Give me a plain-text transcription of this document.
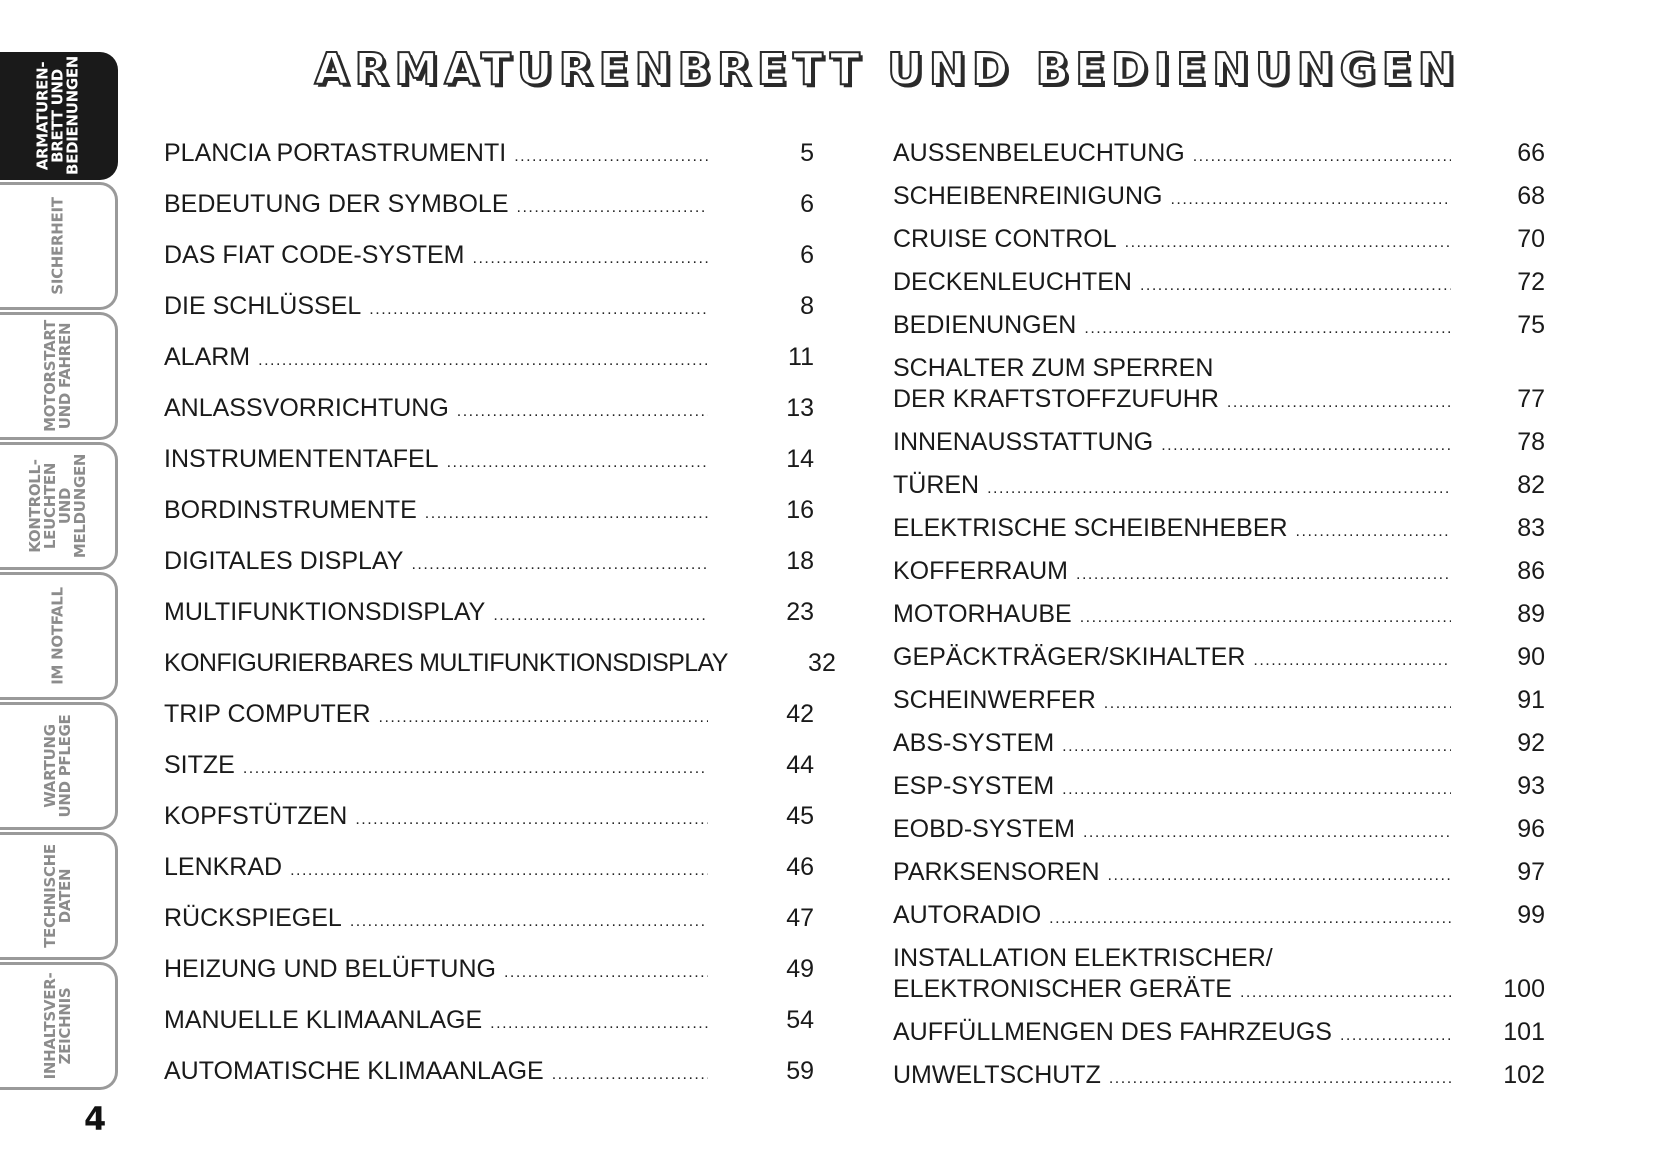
ARMATUREN-
BRETT UND
BEDIENUNGEN
SICHERHEIT
MOTORSTART
UND FAHREN
KONTROLL-
LEUCHTEN UND
MELDUNGEN
IM NOTFALL
WARTUNG
UND PFLEGE
TECHNISCHE
DATEN
INHALTSVER-
ZEICHNIS
4
ARMATURENBRETT UND BEDIENUNGEN
PLANCIA PORTASTRUMENTI .....	5
BEDEUTUNG DER SYMBOLE .....	6
DAS FIAT CODE-SYSTEM .....	6
DIE SCHLÜSSEL .....	8
ALARM .....	11
ANLASSVORRICHTUNG .....	13
INSTRUMENTENTAFEL .....	14
BORDINSTRUMENTE .....	16
DIGITALES DISPLAY .....	18
MULTIFUNKTIONSDISPLAY .....	23
KONFIGURIERBARES MULTIFUNKTIONSDISPLAY	32
TRIP COMPUTER .....	42
SITZE .....	44
KOPFSTÜTZEN .....	45
LENKRAD .....	46
RÜCKSPIEGEL .....	47
HEIZUNG UND BELÜFTUNG .....	49
MANUELLE KLIMAANLAGE .....	54
AUTOMATISCHE KLIMAANLAGE .....	59
AUSSENBELEUCHTUNG .....	66
SCHEIBENREINIGUNG .....	68
CRUISE CONTROL .....	70
DECKENLEUCHTEN .....	72
BEDIENUNGEN .....	75
SCHALTER ZUM SPERREN
DER KRAFTSTOFFZUFUHR .....	77
INNENAUSSTATTUNG .....	78
TÜREN .....	82
ELEKTRISCHE SCHEIBENHEBER .....	83
KOFFERRAUM .....	86
MOTORHAUBE .....	89
GEPÄCKTRÄGER/SKIHALTER .....	90
SCHEINWERFER .....	91
ABS-SYSTEM .....	92
ESP-SYSTEM .....	93
EOBD-SYSTEM .....	96
PARKSENSOREN .....	97
AUTORADIO .....	99
INSTALLATION ELEKTRISCHER/
ELEKTRONISCHER GERÄTE .....	100
AUFFÜLLMENGEN DES FAHRZEUGS .....	101
UMWELTSCHUTZ .....	102
